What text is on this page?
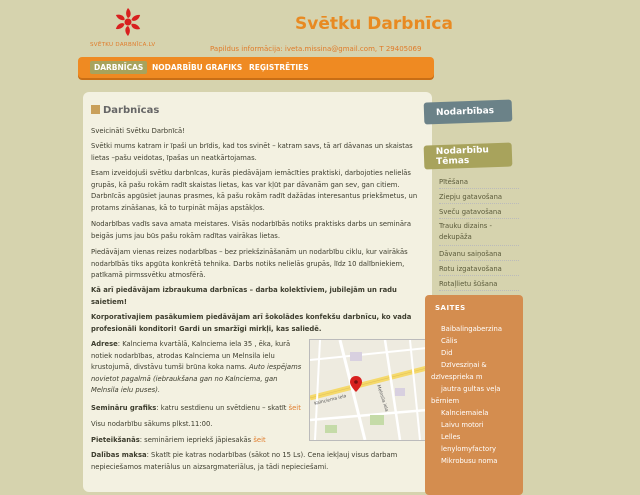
SVĒTKU DARBNĪCA.LV
Svētku Darbnīca
Papildus informācija: iveta.missina@gmail.com, T 29405069
DARBNĪCAS	NODARBĪBU GRAFIKS REĢISTRĒTIES
Darbnīcas
Sveicināti Svētku Darbnīcā!
Svētki mums katram ir īpaši un brīdis, kad tos svinēt – katram savs, tā arī dāvanas un skaistas lietas –pašu veidotas, īpašas un neatkārtojamas.
Esam izveidojuši svētku darbnīcas, kurās piedāvājam iemācīties praktiski, darbojoties nelielās grupās, kā pašu rokām radīt skaistas lietas, kas var kļūt par dāvanām gan sev, gan citiem. Darbnīcās apgūsiet jaunas prasmes, kā pašu rokām radīt dažādas interesantus priekšmetus, un protams zināšanas, kā to turpināt mājas apstākļos.
Nodarbības vadīs sava amata meistares. Visās nodarbībās notiks praktisks darbs un semināra beigās jums jau būs pašu rokām radītas vairākas lietas.
Piedāvājam vienas reizes nodarbības – bez priekšzināšanām un nodarbību ciklu, kur vairākās nodarbībās tiks apgūta konkrētā tehnika. Darbs notiks nelielās grupās, līdz 10 dalībniekiem, patīkamā pirmssvētku atmosfērā.
Kā arī piedāvājam izbraukuma darbnīcas – darba kolektīviem, jubilejām un radu saietiem!
Korporatīvajiem pasākumiem piedāvājam arī šokolādes konfekšu darbnīcu, ko vada profesionāli konditori! Gardi un smaržīgi mirkļi, kas saliedē.
Adrese: Kalnciema kvartālā, Kalnciema iela 35 , ēka, kurā notiek nodarbības, atrodas Kalnciema un Melnsila ielu krustojumā, divstāvu tumši brūna koka nams. Auto iespējams novietot pagalmā (iebraukšana gan no Kalnciema, gan Melnsila ielu puses).
Semināru grafiks: katru sestdienu un svētdienu – skatīt šeit
Visu nodarbību sākums plkst.11:00.
Pieteikšanās: semināriem iepriekš jāpiesakās šeit
Dalības maksa: Skatīt pie katras nodarbības (sākot no 15 Ls). Cena iekļauj visus darbam nepieciešamos materiālus un aizsargmateriālus, ja tādi nepieciešami.
Kalnciema iela	Melnsila iela
Nodarbības
Nodarbību
Tēmas
Pītēšana
Ziepju gatavošana
Sveču gatavošana
Trauku dizains - dekupāža
Dāvanu saiņošana
Rotu izgatavošana
Rotaļlietu šūšana
SAITES
Baibalingaberzina
Cālis
Did
Dzīvesziņai &
dzīvesprieka m
jautra gultas veļa
bērniem
Kalnciemaiela
Laivu motori
Lelles
lenylomyfactory
Mikrobusu noma
